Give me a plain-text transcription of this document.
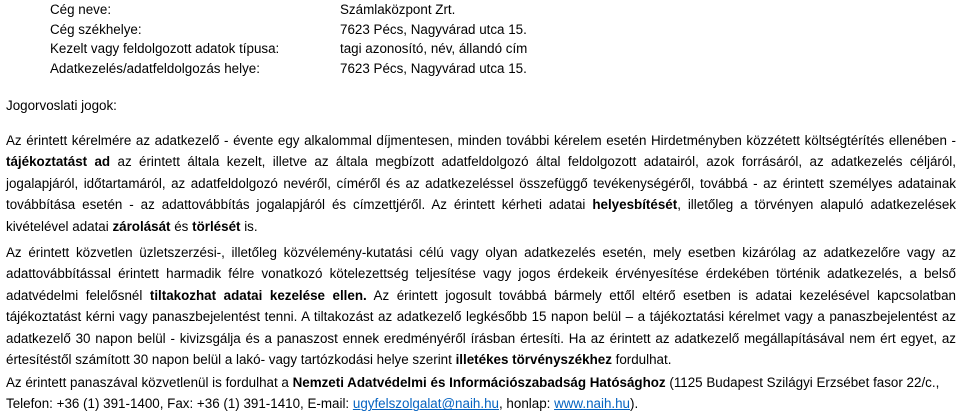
Cég neve:	Számlaközpont Zrt.
Cég székhelye:	7623 Pécs, Nagyvárad utca 15.
Kezelt vagy feldolgozott adatok típusa:	tagi azonosító, név, állandó cím
Adatkezelés/adatfeldolgozás helye:	7623 Pécs, Nagyvárad utca 15.
Jogorvoslati jogok:
Az érintett kérelmére az adatkezelő - évente egy alkalommal díjmentesen, minden további kérelem esetén Hirdetményben közzétett költségtérítés ellenében - tájékoztatást ad az érintett általa kezelt, illetve az általa megbízott adatfeldolgozó által feldolgozott adatairól, azok forrásáról, az adatkezelés céljáról, jogalapjáról, időtartamáról, az adatfeldolgozó nevéről, címéről és az adatkezeléssel összefüggő tevékenységéről, továbbá - az érintett személyes adatainak továbbítása esetén - az adattovábbítás jogalapjáról és címzettjéről. Az érintett kérheti adatai helyesbítését, illetőleg a törvényen alapuló adatkezelések kivételével adatai zárolását és törlését is.
Az érintett közvetlen üzletszerzési-, illetőleg közvélemény-kutatási célú vagy olyan adatkezelés esetén, mely esetben kizárólag az adatkezelőre vagy az adattovábbítással érintett harmadik félre vonatkozó kötelezettség teljesítése vagy jogos érdekeik érvényesítése érdekében történik adatkezelés, a belső adatvédelmi felelősnél tiltakozhat adatai kezelése ellen. Az érintett jogosult továbbá bármely ettől eltérő esetben is adatai kezelésével kapcsolatban tájékoztatást kérni vagy panaszbejelentést tenni. A tiltakozást az adatkezelő legkésőbb 15 napon belül – a tájékoztatási kérelmet vagy a panaszbejelentést az adatkezelő 30 napon belül - kivizsgálja és a panaszost ennek eredményéről írásban értesíti. Ha az érintett az adatkezelő megállapításával nem ért egyet, az értesítéstől számított 30 napon belül a lakó- vagy tartózkodási helye szerint illetékes törvényszékhez fordulhat.
Az érintett panaszával közvetlenül is fordulhat a Nemzeti Adatvédelmi és Információszabadság Hatósághoz (1125 Budapest Szilágyi Erzsébet fasor 22/c., Telefon: +36 (1) 391-1400, Fax: +36 (1) 391-1410, E-mail: ugyfelszolgalat@naih.hu, honlap: www.naih.hu).
